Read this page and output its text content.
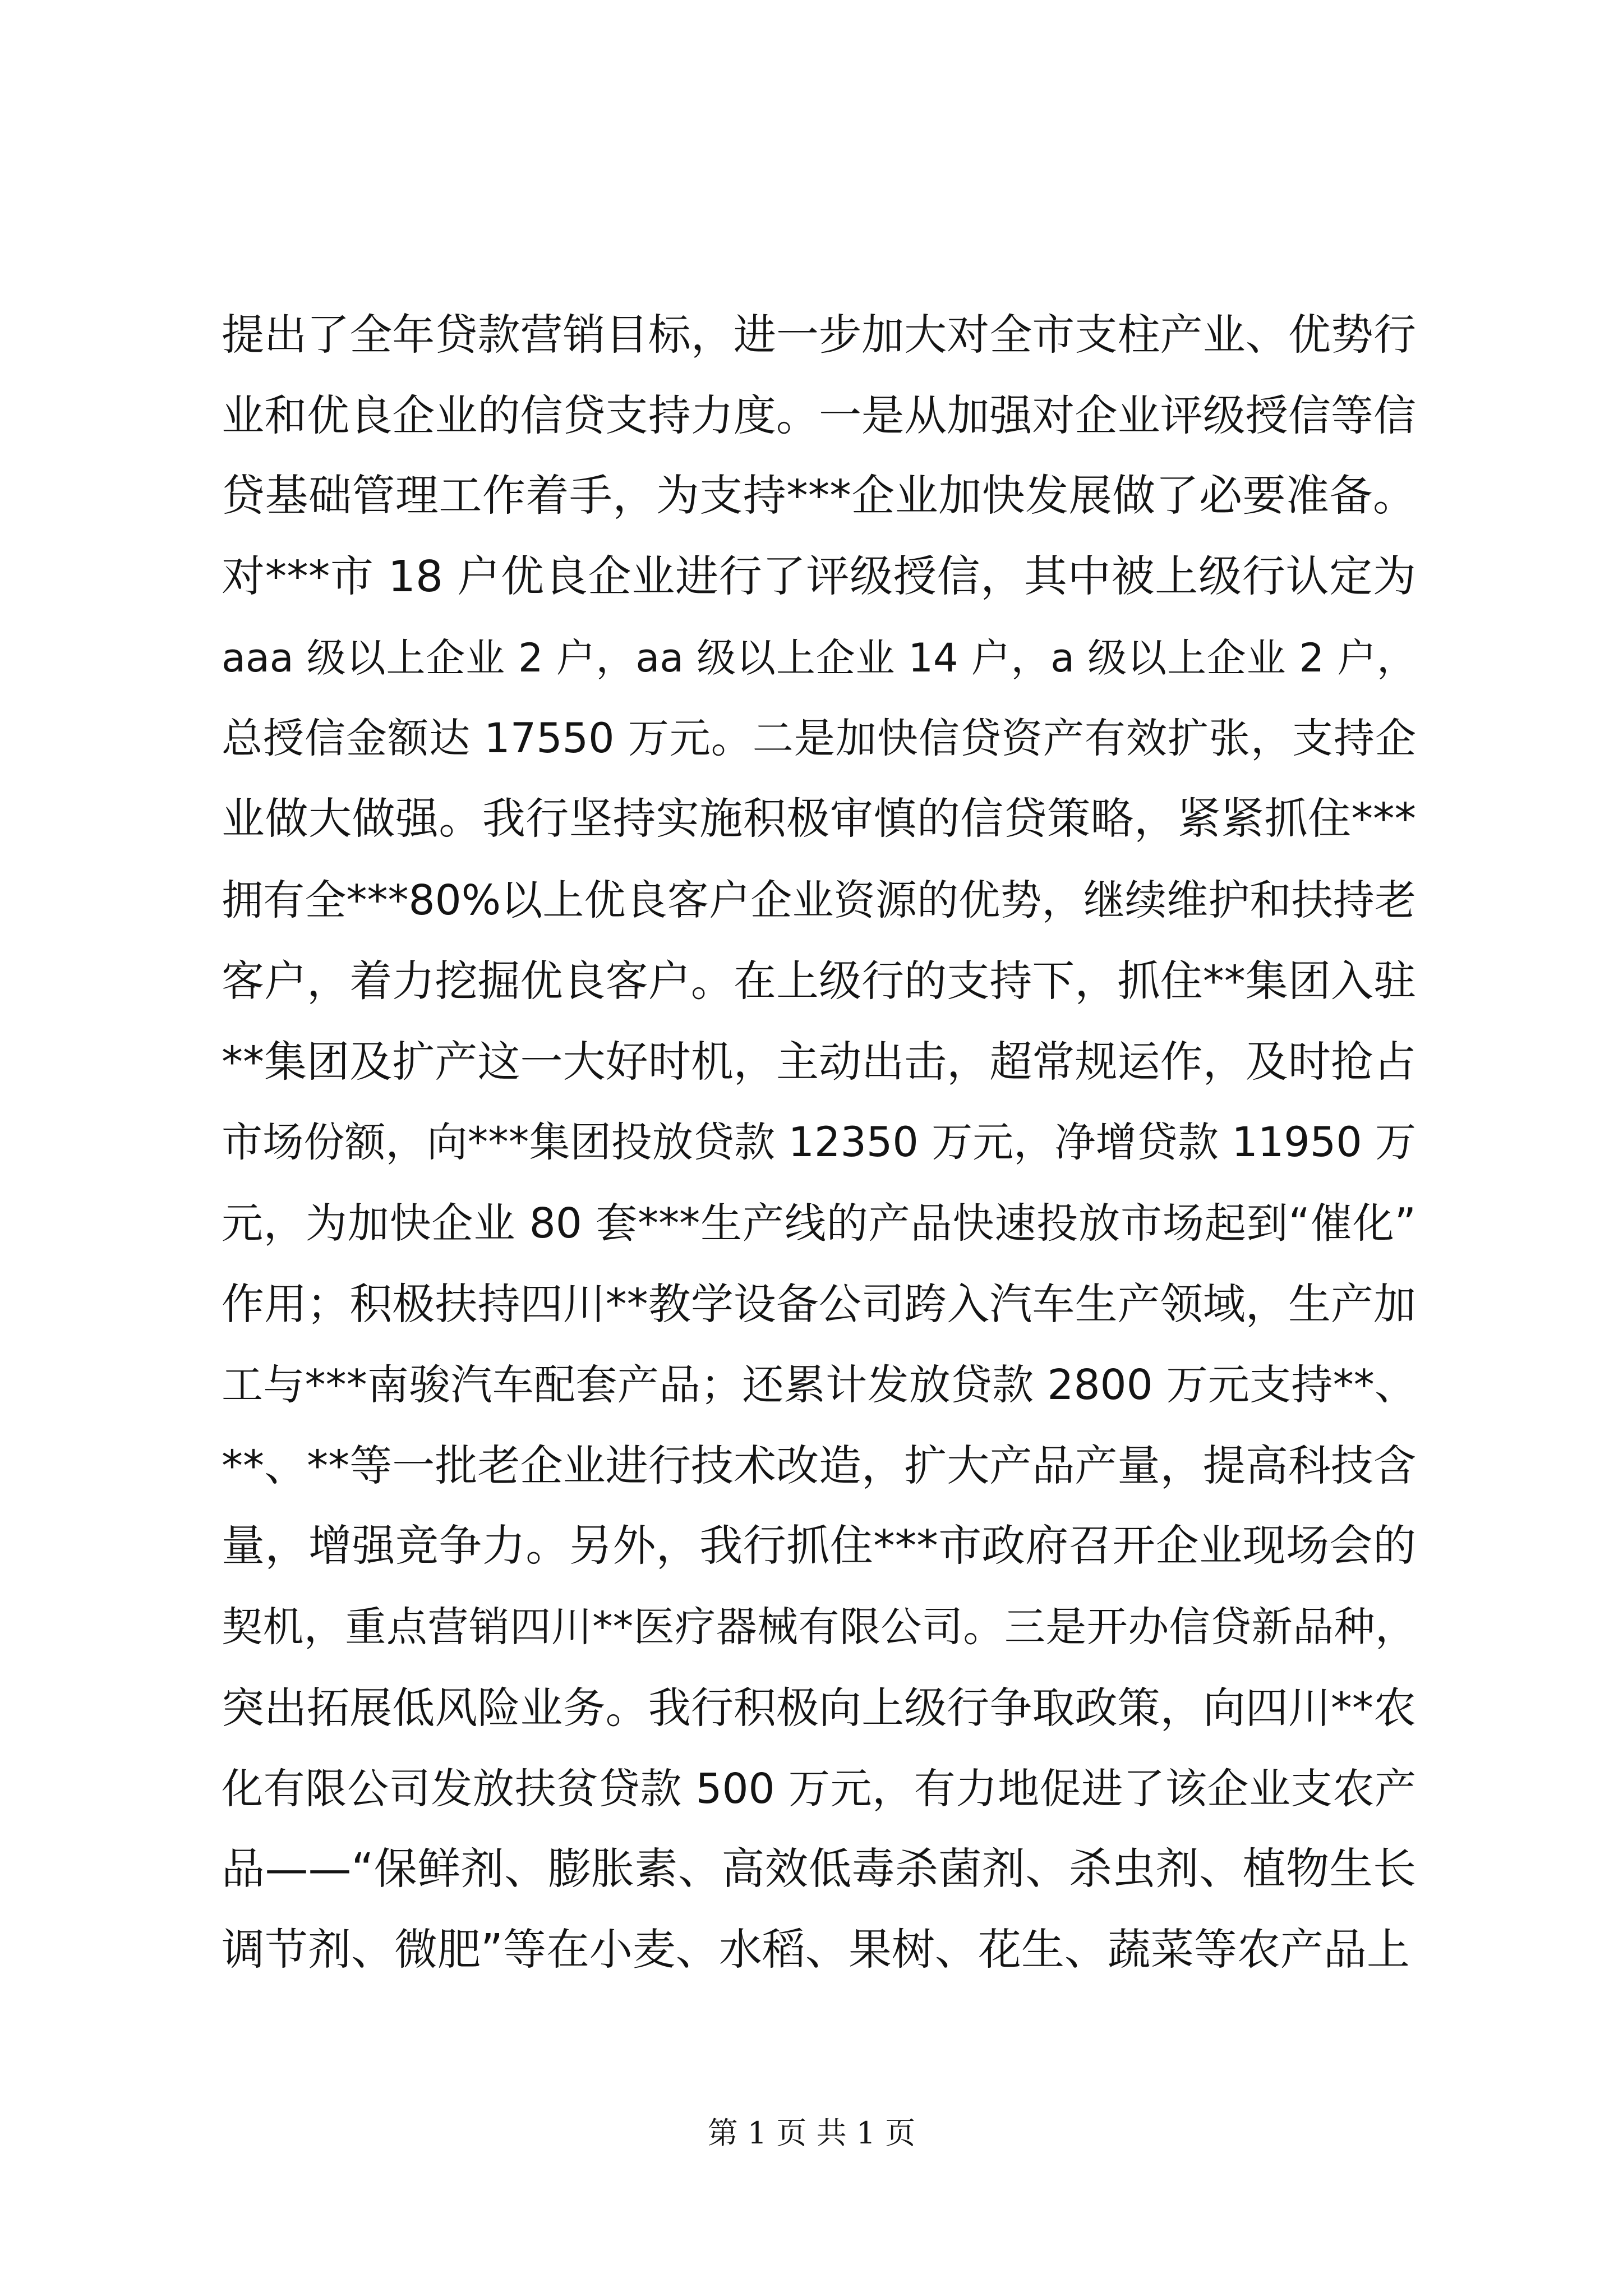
提出了全年贷款营销目标，进一步加大对全市支柱产业、优势行
业和优良企业的信贷支持力度。一是从加强对企业评级授信等信
贷基础管理工作着手，为支持***企业加快发展做了必要准备。
对***市 18 户优良企业进行了评级授信，其中被上级行认定为
aaa 级以上企业 2 户，aa 级以上企业 14 户，a 级以上企业 2 户，
总授信金额达 17550 万元。二是加快信贷资产有效扩张，支持企
业做大做强。我行坚持实施积极审慎的信贷策略，紧紧抓住***
拥有全***80%以上优良客户企业资源的优势，继续维护和扶持老
客户，着力挖掘优良客户。在上级行的支持下，抓住**集团入驻
**集团及扩产这一大好时机，主动出击，超常规运作，及时抢占
市场份额，向***集团投放贷款 12350 万元，净增贷款 11950 万
元，为加快企业 80 套***生产线的产品快速投放市场起到“催化”
作用；积极扶持四川**教学设备公司跨入汽车生产领域，生产加
工与***南骏汽车配套产品；还累计发放贷款 2800 万元支持**、
**、**等一批老企业进行技术改造，扩大产品产量，提高科技含
量，增强竞争力。另外，我行抓住***市政府召开企业现场会的
契机，重点营销四川**医疗器械有限公司。三是开办信贷新品种，
突出拓展低风险业务。我行积极向上级行争取政策，向四川**农
化有限公司发放扶贫贷款 500 万元，有力地促进了该企业支农产
品——“保鲜剂、膨胀素、高效低毒杀菌剂、杀虫剂、植物生长
调节剂、微肥”等在小麦、水稻、果树、花生、蔬菜等农产品上
第 1 页 共 1 页
